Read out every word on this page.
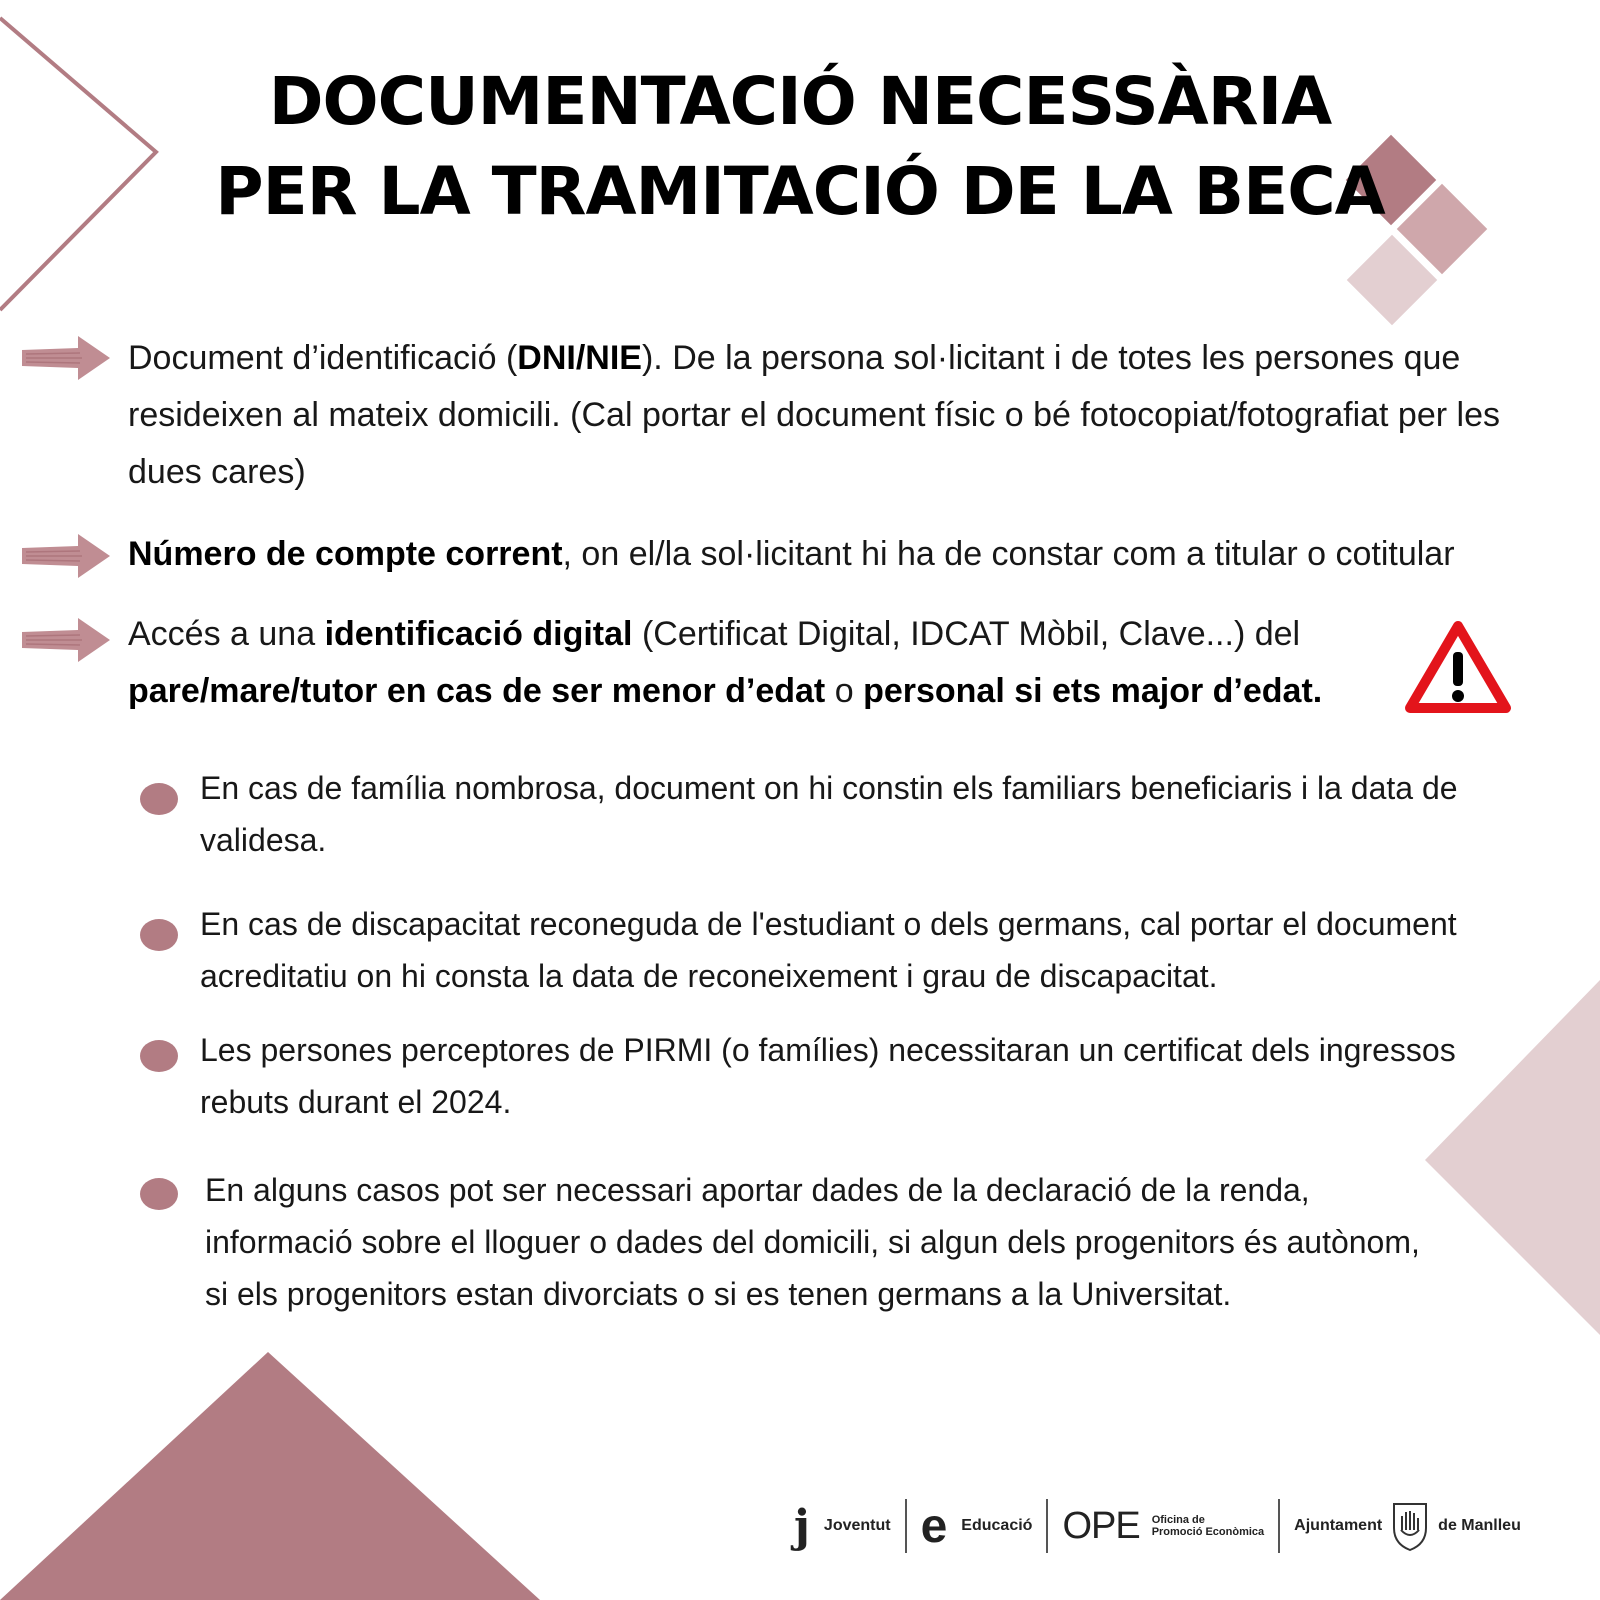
DOCUMENTACIÓ NECESSÀRIA
PER LA TRAMITACIÓ DE LA BECA

Document d’identificació (DNI/NIE). De la persona sol·licitant i de totes les persones que resideixen al mateix domicili. (Cal portar el document físic o bé fotocopiat/fotografiat per les dues cares)

Número de compte corrent, on el/la sol·licitant hi ha de constar com a titular o cotitular

Accés a una identificació digital (Certificat Digital, IDCAT Mòbil, Clave...) del pare/mare/tutor en cas de ser menor d’edat o personal si ets major d’edat.

En cas de família nombrosa, document on hi constin els familiars beneficiaris i la data de validesa.

En cas de discapacitat reconeguda de l'estudiant o dels germans, cal portar el document acreditatiu on hi consta la data de reconeixement i grau de discapacitat.

Les persones perceptores de PIRMI (o famílies) necessitaran un certificat dels ingressos rebuts durant el 2024.

En alguns casos pot ser necessari aportar dades de la declaració de la renda, informació sobre el lloguer o dades del domicili, si algun dels progenitors és autònom, si els progenitors estan divorciats o si es tenen germans a la Universitat.

j Joventut e Educació OPE Oficina de
Promoció Econòmica Ajuntament	de Manlleu
